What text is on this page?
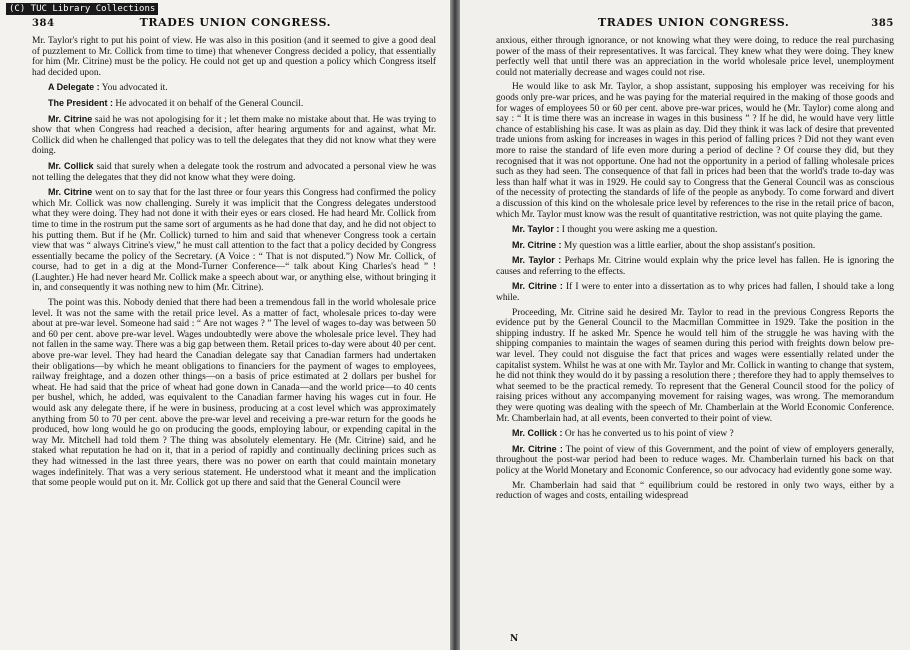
(C) TUC Library Collections
384	TRADES UNION CONGRESS.

Mr. Taylor's right to put his point of view. He was also in this position (and it seemed to give a good deal of puzzlement to Mr. Collick from time to time) that whenever Congress decided a policy, that essentially for him (Mr. Citrine) must be the policy. He could not get up and question a policy which Congress itself had decided upon.

A Delegate : You advocated it.

The President : He advocated it on behalf of the General Council.

Mr. Citrine said he was not apologising for it ; let them make no mistake about that. He was trying to show that when Congress had reached a decision, after hearing arguments for and against, what Mr. Collick did when he challenged that policy was to tell the delegates that they did not know what they were doing.

Mr. Collick said that surely when a delegate took the rostrum and advocated a personal view he was not telling the delegates that they did not know what they were doing.

Mr. Citrine went on to say that for the last three or four years this Congress had confirmed the policy which Mr. Collick was now challenging. Surely it was implicit that the Congress delegates understood what they were doing. They had not done it with their eyes or ears closed. He had heard Mr. Collick from time to time in the rostrum put the same sort of arguments as he had done that day, and he did not object to his putting them. But if he (Mr. Collick) turned to him and said that whenever Congress took a certain view that was “ always Citrine's view,” he must call attention to the fact that a policy decided by Congress essentially became the policy of the Secretary. (A Voice : “ That is not disputed.”) Now Mr. Collick, of course, had to get in a dig at the Mond-Turner Conference—“ talk about King Charles's head ” ! (Laughter.) He had never heard Mr. Collick make a speech about war, or anything else, without bringing it in, and consequently it was nothing new to him (Mr. Citrine).

The point was this. Nobody denied that there had been a tremendous fall in the world wholesale price level. It was not the same with the retail price level. As a matter of fact, wholesale prices to-day were about at pre-war level. Someone had said : “ Are not wages ? ” The level of wages to-day was between 50 and 60 per cent. above pre-war level. Wages undoubtedly were above the wholesale price level. They had not fallen in the same way. There was a big gap between them. Retail prices to-day were about 40 per cent. above pre-war level. They had heard the Canadian delegate say that Canadian farmers had undertaken their obligations—by which he meant obligations to financiers for the payment of wages to employees, railway freightage, and a dozen other things—on a basis of price estimated at 2 dollars per bushel for wheat. He had said that the price of wheat had gone down in Canada—and the world price—to 40 cents per bushel, which, he added, was equivalent to the Canadian farmer having his wages cut in four. He would ask any delegate there, if he were in business, producing at a cost level which was approximately anything from 50 to 70 per cent. above the pre-war level and receiving a pre-war return for the goods he produced, how long would he go on producing the goods, employing labour, or expending capital in the way Mr. Mitchell had told them ? The thing was absolutely elementary. He (Mr. Citrine) said, and he staked what reputation he had on it, that in a period of rapidly and continually declining prices such as they had witnessed in the last three years, there was no power on earth that could maintain monetary wages indefinitely. That was a very serious statement. He understood what it meant and the implication that some people would put on it. Mr. Collick got up there and said that the General Council were

TRADES UNION CONGRESS.	385

anxious, either through ignorance, or not knowing what they were doing, to reduce the real purchasing power of the mass of their representatives. It was farcical. They knew what they were doing. They knew perfectly well that until there was an appreciation in the world wholesale price level, unemployment could not materially decrease and wages could not rise.

He would like to ask Mr. Taylor, a shop assistant, supposing his employer was receiving for his goods only pre-war prices, and he was paying for the material required in the making of those goods and for wages of employees 50 or 60 per cent. above pre-war prices, would he (Mr. Taylor) come along and say : “ It is time there was an increase in wages in this business ” ? If he did, he would have very little chance of establishing his case. It was as plain as day. Did they think it was lack of desire that prevented trade unions from asking for increases in wages in this period of falling prices ? Did not they want even more to raise the standard of life even more during a period of decline ? Of course they did, but they recognised that it was not opportune. One had not the opportunity in a period of falling wholesale prices such as they had seen. The consequence of that fall in prices had been that the world's trade to-day was less than half what it was in 1929. He could say to Congress that the General Council was as conscious of the necessity of protecting the standards of life of the people as anybody. To come forward and divert a discussion of this kind on the wholesale price level by references to the rise in the retail price of bacon, which Mr. Taylor must know was the result of quantitative restriction, was not quite playing the game.

Mr. Taylor : I thought you were asking me a question.

Mr. Citrine : My question was a little earlier, about the shop assistant's position.

Mr. Taylor : Perhaps Mr. Citrine would explain why the price level has fallen. He is ignoring the causes and referring to the effects.

Mr. Citrine : If I were to enter into a dissertation as to why prices had fallen, I should take a long while.

Proceeding, Mr. Citrine said he desired Mr. Taylor to read in the previous Congress Reports the evidence put by the General Council to the Macmillan Committee in 1929. Take the position in the shipping industry. If he asked Mr. Spence he would tell him of the struggle he was having with the shipping companies to maintain the wages of seamen during this period with freights down below pre-war level. They could not disguise the fact that prices and wages were essentially related under the capitalist system. Whilst he was at one with Mr. Taylor and Mr. Collick in wanting to change that system, he did not think they would do it by passing a resolution there ; therefore they had to apply themselves to what seemed to be the practical remedy. To represent that the General Council stood for the policy of raising prices without any accompanying movement for raising wages, was wrong. The memorandum they were quoting was dealing with the speech of Mr. Chamberlain at the World Economic Conference. Mr. Chamberlain had, at all events, been converted to their point of view.

Mr. Collick : Or has he converted us to his point of view ?

Mr. Citrine : The point of view of this Government, and the point of view of employers generally, throughout the post-war period had been to reduce wages. Mr. Chamberlain turned his back on that policy at the World Monetary and Economic Conference, so our advocacy had evidently gone some way.

Mr. Chamberlain had said that “ equilibrium could be restored in only two ways, either by a reduction of wages and costs, entailing widespread

N
